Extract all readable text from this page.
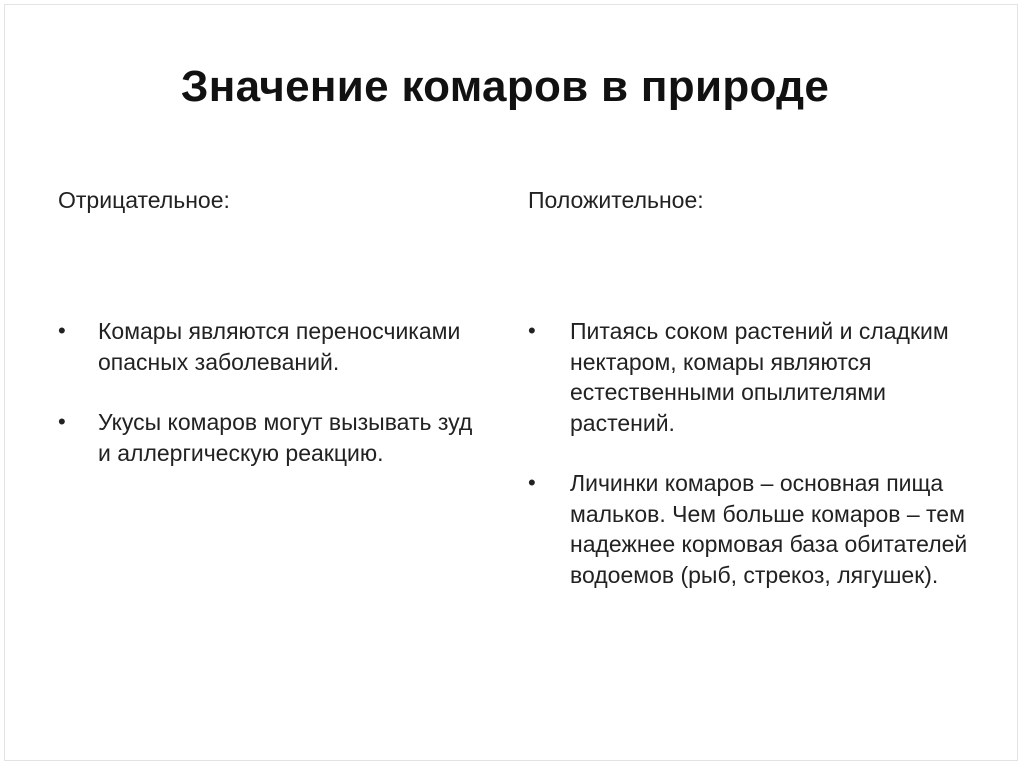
Значение комаров в природе

Отрицательное:

• Комары являются переносчиками опасных заболеваний.
• Укусы комаров могут вызывать зуд и аллергическую реакцию.

Положительное:

• Питаясь соком растений и сладким нектаром, комары являются естественными опылителями растений.
• Личинки комаров – основная пища мальков. Чем больше комаров – тем надежнее кормовая база обитателей водоемов (рыб, стрекоз, лягушек).
